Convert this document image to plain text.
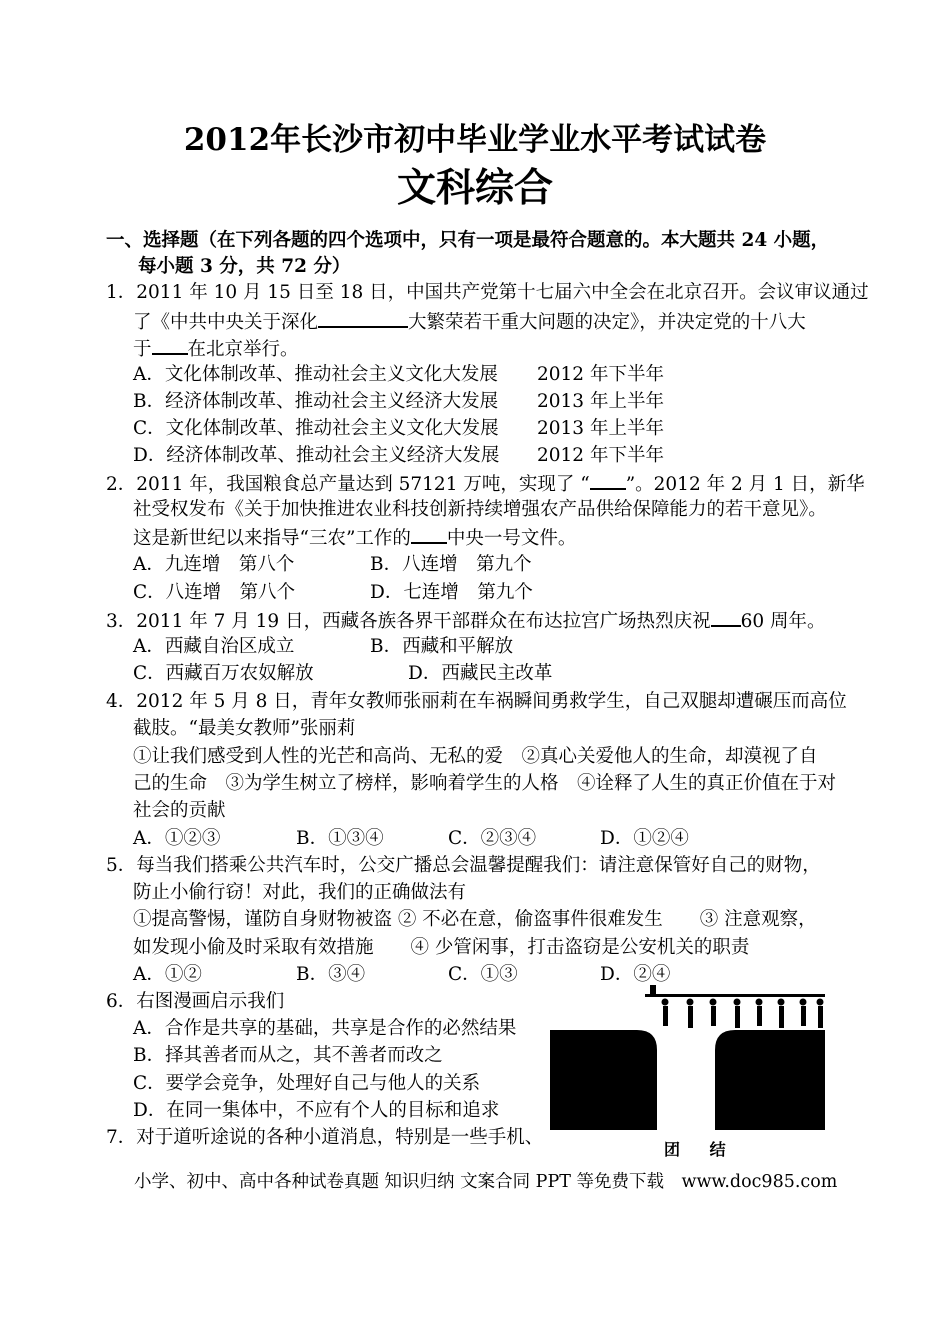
2012年长沙市初中毕业学业水平考试试卷
文科综合
一、选择题（在下列各题的四个选项中，只有一项是最符合题意的。本大题共 24 小题，
每小题 3 分，共 72 分）
1．2011 年 10 月 15 日至 18 日，中国共产党第十七届六中全会在北京召开。会议审议通过
了《中共中央关于深化	大繁荣若干重大问题的决定》，并决定党的十八大
于 在北京举行。
A．文化体制改革、推动社会主义文化大发展 2012 年下半年
B．经济体制改革、推动社会主义经济大发展 2013 年上半年
C．文化体制改革、推动社会主义文化大发展 2013 年上半年
D．经济体制改革、推动社会主义经济大发展 2012 年下半年
2．2011 年，我国粮食总产量达到 57121 万吨，实现了 “ ”。2012 年 2 月 1 日，新华
社受权发布《关于加快推进农业科技创新持续增强农产品供给保障能力的若干意见》。
这是新世纪以来指导“三农”工作的 中央一号文件。
A．九连增　第八个	B．八连增　第九个
C．八连增　第八个	D．七连增　第九个
3．2011 年 7 月 19 日，西藏各族各界干部群众在布达拉宫广场热烈庆祝 60 周年。
A．西藏自治区成立	B．西藏和平解放
C．西藏百万农奴解放	D．西藏民主改革
4．2012 年 5 月 8 日，青年女教师张丽莉在车祸瞬间勇救学生，自己双腿却遭碾压而高位
截肢。“最美女教师”张丽莉
①让我们感受到人性的光芒和高尚、无私的爱　②真心关爱他人的生命，却漠视了自
己的生命　③为学生树立了榜样，影响着学生的人格　④诠释了人生的真正价值在于对
社会的贡献
A．①②③	B．①③④	C．②③④	D．①②④
5．每当我们搭乘公共汽车时，公交广播总会温馨提醒我们：请注意保管好自己的财物，
防止小偷行窃！对此，我们的正确做法有
①提高警惕，谨防自身财物被盗 ② 不必在意，偷盗事件很难发生　　③ 注意观察，
如发现小偷及时采取有效措施　　④ 少管闲事，打击盗窃是公安机关的职责
A．①②	B．③④	C．①③	D．②④
6．右图漫画启示我们
A．合作是共享的基础，共享是合作的必然结果
B．择其善者而从之，其不善者而改之
C．要学会竞争，处理好自己与他人的关系
D．在同一集体中，不应有个人的目标和追求
7．对于道听途说的各种小道消息，特别是一些手机、
团 结
小学、初中、高中各种试卷真题 知识归纳 文案合同 PPT 等免费下载　www.doc985.com
